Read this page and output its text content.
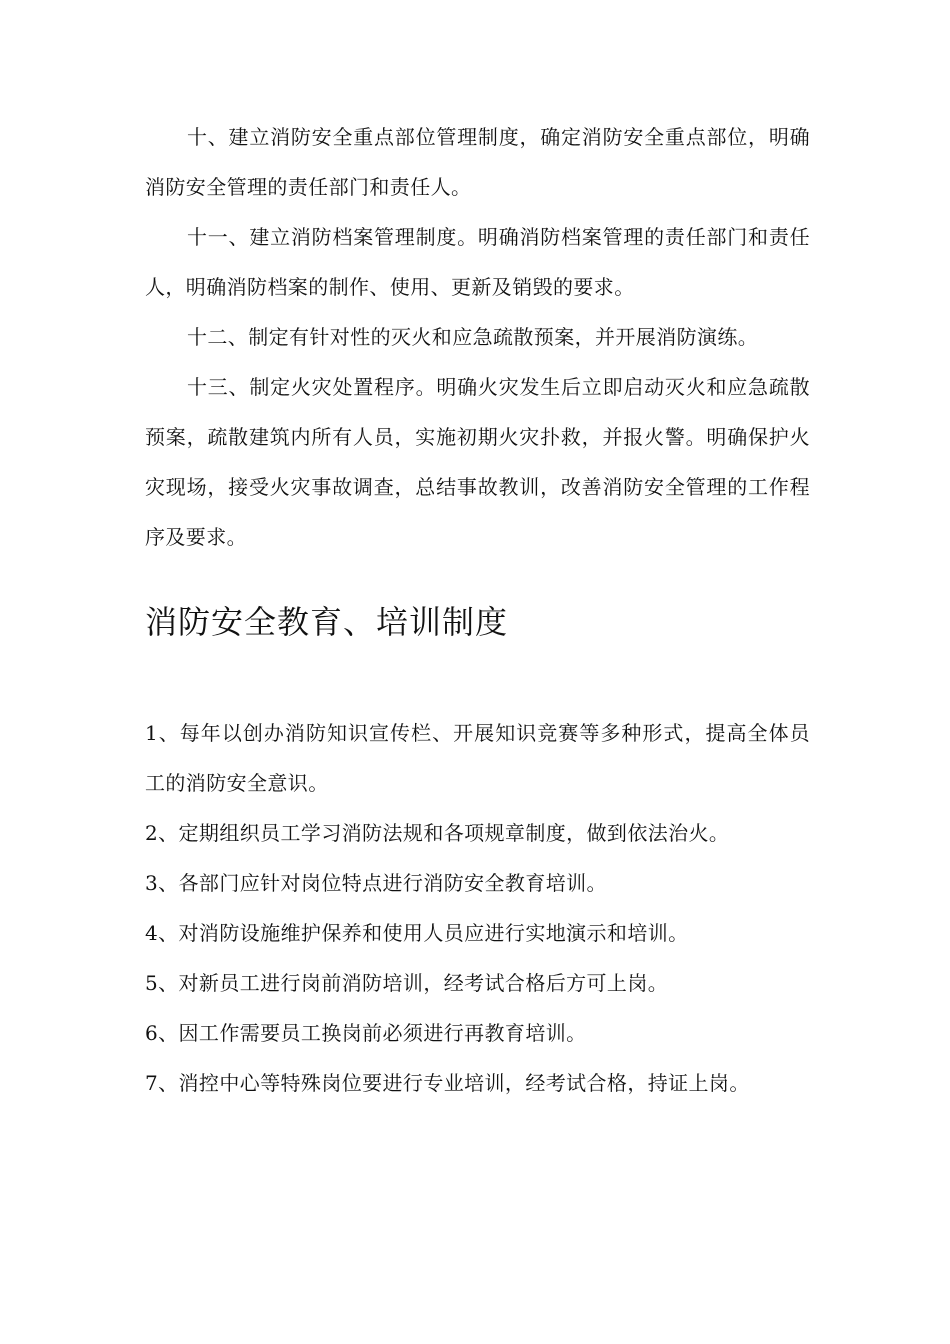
十、建立消防安全重点部位管理制度，确定消防安全重点部位，明确消防安全管理的责任部门和责任人。

十一、建立消防档案管理制度。明确消防档案管理的责任部门和责任人，明确消防档案的制作、使用、更新及销毁的要求。

十二、制定有针对性的灭火和应急疏散预案，并开展消防演练。

十三、制定火灾处置程序。明确火灾发生后立即启动灭火和应急疏散预案，疏散建筑内所有人员，实施初期火灾扑救，并报火警。明确保护火灾现场，接受火灾事故调查，总结事故教训，改善消防安全管理的工作程序及要求。

消防安全教育、培训制度

1、每年以创办消防知识宣传栏、开展知识竞赛等多种形式，提高全体员工的消防安全意识。

2、定期组织员工学习消防法规和各项规章制度，做到依法治火。

3、各部门应针对岗位特点进行消防安全教育培训。

4、对消防设施维护保养和使用人员应进行实地演示和培训。

5、对新员工进行岗前消防培训，经考试合格后方可上岗。

6、因工作需要员工换岗前必须进行再教育培训。

7、消控中心等特殊岗位要进行专业培训，经考试合格，持证上岗。
